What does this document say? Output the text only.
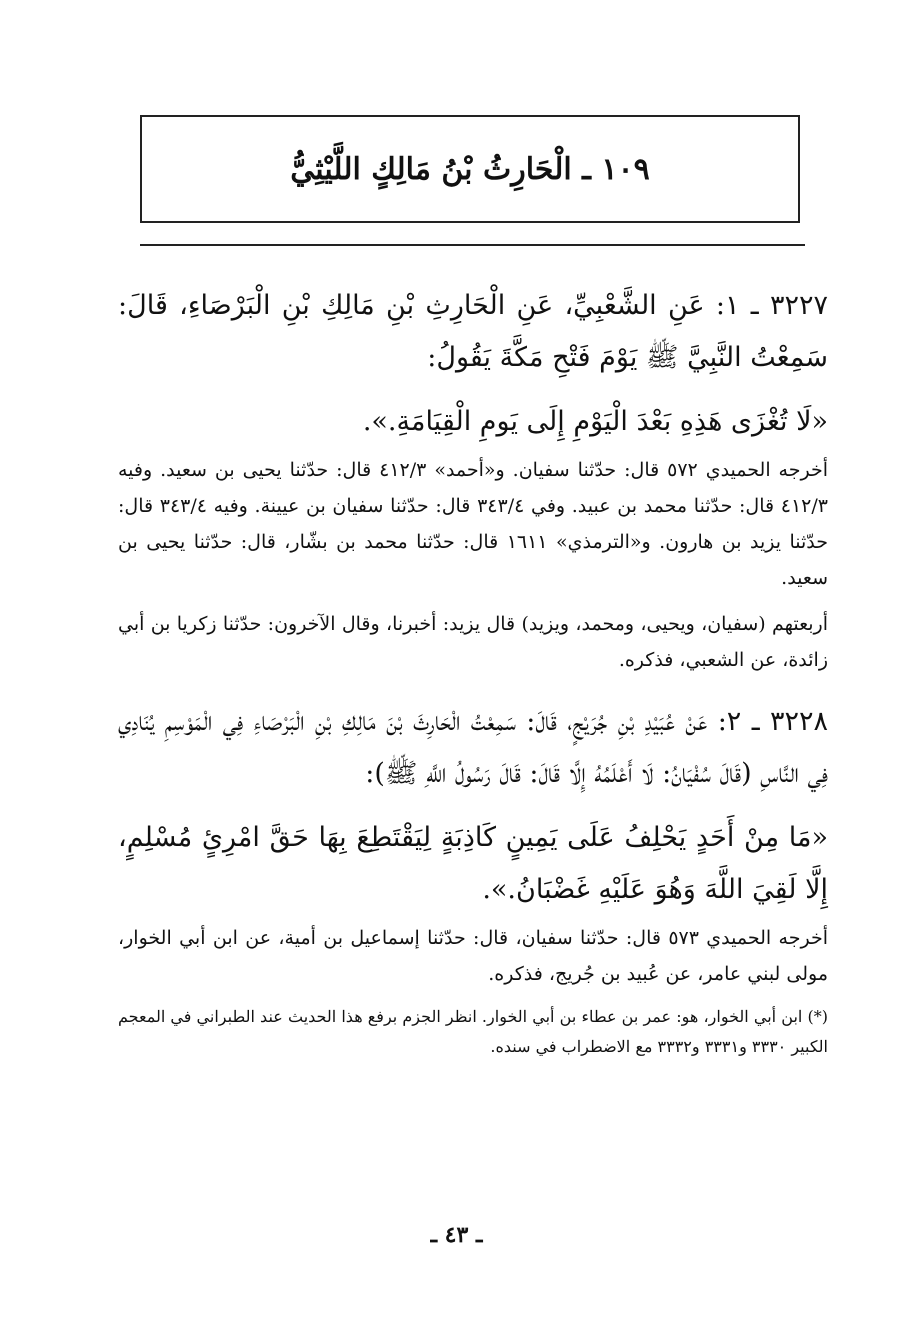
١٠٩ ـ الْحَارِثُ بْنُ مَالِكٍ اللَّيْثِيُّ

٣٢٢٧ ـ ١: عَنِ الشَّعْبِيِّ، عَنِ الْحَارِثِ بْنِ مَالِكِ بْنِ الْبَرْصَاءِ، قَالَ: سَمِعْتُ النَّبِيَّ ﷺ يَوْمَ فَتْحِ مَكَّةَ يَقُولُ:

«لَا تُغْزَى هَذِهِ بَعْدَ الْيَوْمِ إِلَى يَومِ الْقِيَامَةِ.».

أخرجه الحميدي ٥٧٢ قال: حدّثنا سفيان. و«أحمد» ٤١٢/٣ قال: حدّثنا يحيى بن سعيد. وفيه ٤١٢/٣ قال: حدّثنا محمد بن عبيد. وفي ٣٤٣/٤ قال: حدّثنا سفيان بن عيينة. وفيه ٣٤٣/٤ قال: حدّثنا يزيد بن هارون. و«الترمذي» ١٦١١ قال: حدّثنا محمد بن بشّار، قال: حدّثنا يحيى بن سعيد.

أربعتهم (سفيان، ويحيى، ومحمد، ويزيد) قال يزيد: أخبرنا، وقال الآخرون: حدّثنا زكريا بن أبي زائدة، عن الشعبي، فذكره.

٣٢٢٨ ـ ٢: عَنْ عُبَيْدِ بْنِ جُرَيْجٍ، قَالَ: سَمِعْتُ الْحَارِثَ بْنَ مَالِكِ بْنِ الْبَرْصَاءِ فِي الْمَوْسِمِ يُنَادِي فِي النَّاسِ (قَالَ سُفْيَانُ: لَا أَعْلَمُهُ إِلَّا قَالَ: قَالَ رَسُولُ اللَّهِ ﷺ):

«مَا مِنْ أَحَدٍ يَحْلِفُ عَلَى يَمِينٍ كَاذِبَةٍ لِيَقْتَطِعَ بِهَا حَقَّ امْرِئٍ مُسْلِمٍ، إِلَّا لَقِيَ اللَّهَ وَهُوَ عَلَيْهِ غَضْبَانُ.».

أخرجه الحميدي ٥٧٣ قال: حدّثنا سفيان، قال: حدّثنا إسماعيل بن أمية، عن ابن أبي الخوار، مولى لبني عامر، عن عُبيد بن جُريج، فذكره.

(*) ابن أبي الخوار، هو: عمر بن عطاء بن أبي الخوار. انظر الجزم برفع هذا الحديث عند الطبراني في المعجم الكبير ٣٣٣٠ و٣٣٣١ و٣٣٣٢ مع الاضطراب في سنده.

ـ ٤٣ ـ
